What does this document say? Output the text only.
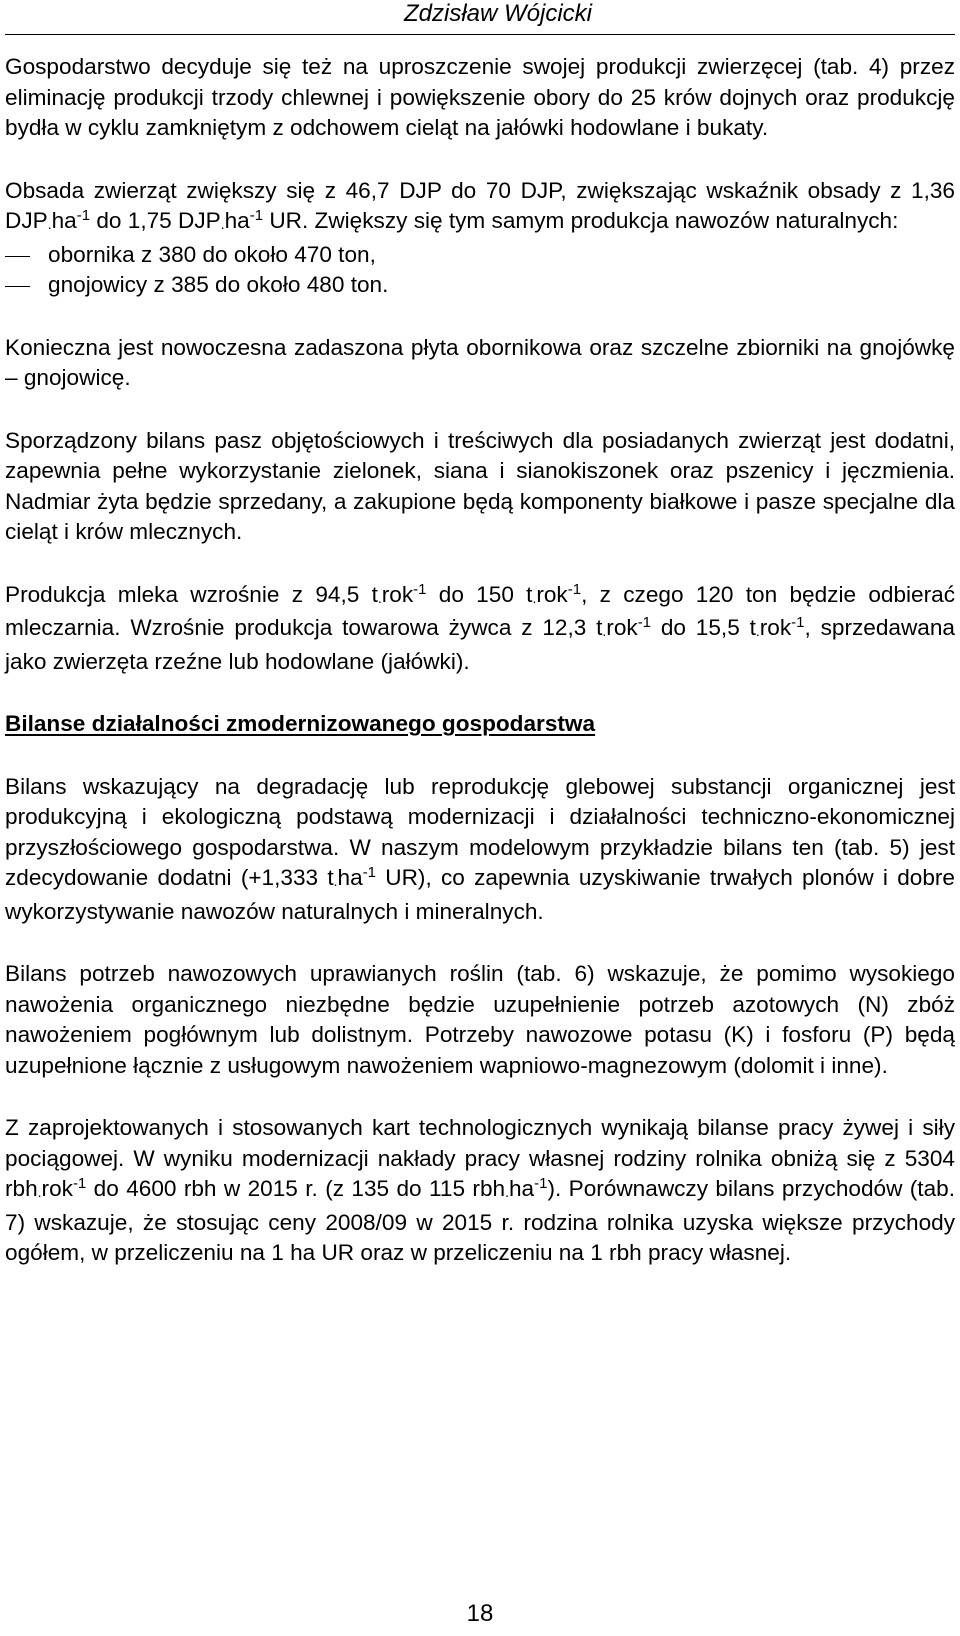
Zdzisław Wójcicki

Gospodarstwo decyduje się też na uproszczenie swojej produkcji zwierzęcej (tab. 4) przez eliminację produkcji trzody chlewnej i powiększenie obory do 25 krów dojnych oraz produkcję bydła w cyklu zamkniętym z odchowem cieląt na jałówki hodowlane i bukaty.

Obsada zwierząt zwiększy się z 46,7 DJP do 70 DJP, zwiększając wskaźnik obsady z 1,36 $DJP.ha^{-1}$ do 1,75 $DJP.ha^{-1}$ UR. Zwiększy się tym samym produkcja nawozów naturalnych:

obornika z 380 do około 470 ton,
gnojowicy z 385 do około 480 ton.

Konieczna jest nowoczesna zadaszona płyta obornikowa oraz szczelne zbiorniki na gnojówkę – gnojowicę.

Sporządzony bilans pasz objętościowych i treściwych dla posiadanych zwierząt jest dodatni, zapewnia pełne wykorzystanie zielonek, siana i sianokiszonek oraz pszenicy i jęczmienia. Nadmiar żyta będzie sprzedany, a zakupione będą komponenty białkowe i pasze specjalne dla cieląt i krów mlecznych.

Produkcja mleka wzrośnie z 94,5 t.rok$^{-1}$ do 150 t.rok$^{-1}$, z czego 120 ton będzie odbierać mleczarnia. Wzrośnie produkcja towarowa żywca z 12,3 t.rok$^{-1}$ do 15,5 t.rok$^{-1}$, sprzedawana jako zwierzęta rzeźne lub hodowlane (jałówki).

Bilanse działalności zmodernizowanego gospodarstwa

Bilans wskazujący na degradację lub reprodukcję glebowej substancji organicznej jest produkcyjną i ekologiczną podstawą modernizacji i działalności techniczno-ekonomicznej przyszłościowego gospodarstwa. W naszym modelowym przykładzie bilans ten (tab. 5) jest zdecydowanie dodatni (+1,333 $t.ha^{-1}$ UR), co zapewnia uzyskiwanie trwałych plonów i dobre wykorzystywanie nawozów naturalnych i mineralnych.

Bilans potrzeb nawozowych uprawianych roślin (tab. 6) wskazuje, że pomimo wysokiego nawożenia organicznego niezbędne będzie uzupełnienie potrzeb azotowych (N) zbóż nawożeniem pogłównym lub dolistnym. Potrzeby nawozowe potasu (K) i fosforu (P) będą uzupełnione łącznie z usługowym nawożeniem wapniowo-magnezowym (dolomit i inne).

Z zaprojektowanych i stosowanych kart technologicznych wynikają bilanse pracy żywej i siły pociągowej. W wyniku modernizacji nakłady pracy własnej rodziny rolnika obniżą się z 5304 rbh.rok$^{-1}$ do 4600 rbh w 2015 r. (z 135 do 115 $rbh.ha^{-1}$). Porównawczy bilans przychodów (tab. 7) wskazuje, że stosując ceny 2008/09 w 2015 r. rodzina rolnika uzyska większe przychody ogółem, w przeliczeniu na 1 ha UR oraz w przeliczeniu na 1 rbh pracy własnej.

18
